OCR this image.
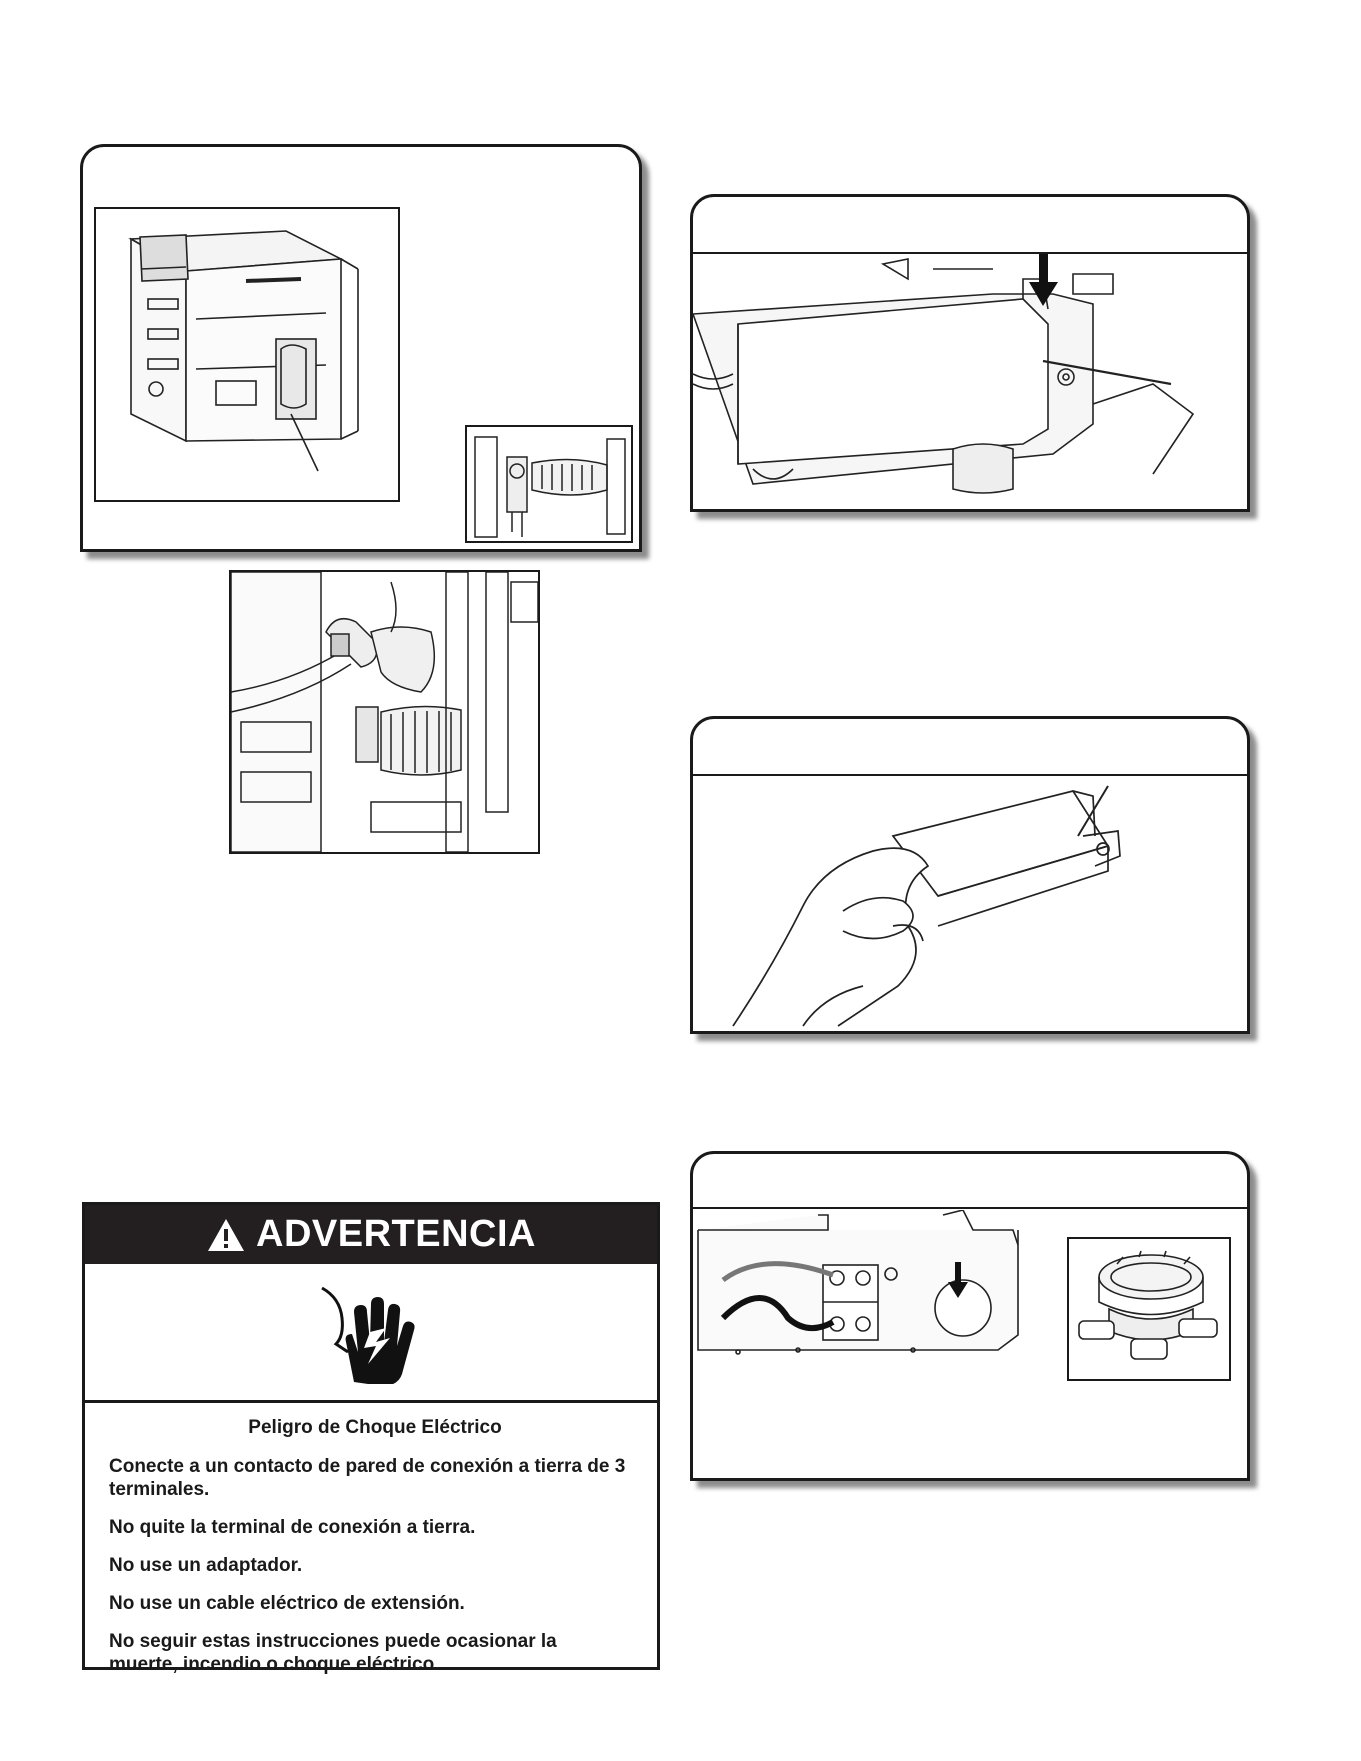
ADVERTENCIA

Peligro de Choque Eléctrico

Conecte a un contacto de pared de conexión a tierra de 3 terminales.

No quite la terminal de conexión a tierra.

No use un adaptador.

No use un cable eléctrico de extensión.

No seguir estas instrucciones puede ocasionar la muerte, incendio o choque eléctrico.
